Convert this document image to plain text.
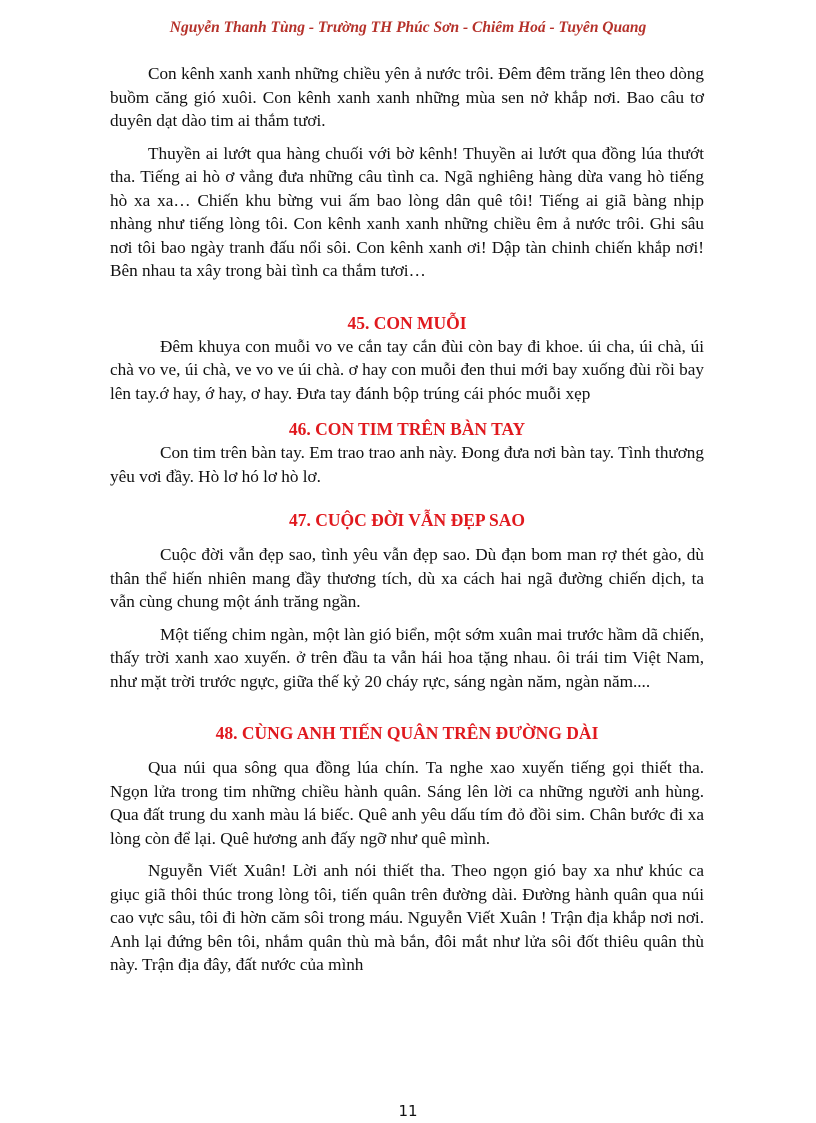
Nguyễn Thanh Tùng - Trường TH Phúc Sơn - Chiêm Hoá - Tuyên Quang

Con kênh xanh xanh những chiều yên ả nước trôi. Đêm đêm trăng lên theo dòng buồm căng gió xuôi. Con kênh xanh xanh những mùa sen nở khắp nơi. Bao câu tơ duyên dạt dào tim ai thắm tươi.

Thuyền ai lướt qua hàng chuối với bờ kênh! Thuyền ai lướt qua đồng lúa thướt tha. Tiếng ai hò ơ vẳng đưa những câu tình ca. Ngã nghiêng hàng dừa vang hò tiếng hò xa xa… Chiến khu bừng vui ấm bao lòng dân quê tôi! Tiếng ai giã bàng nhịp nhàng như tiếng lòng tôi. Con kênh xanh xanh những chiều êm ả nước trôi. Ghi sâu nơi tôi bao ngày tranh đấu nổi sôi. Con kênh xanh ơi! Dập tàn chinh chiến khắp nơi! Bên nhau ta xây trong bài tình ca thắm tươi…

45. CON MUỖI

Đêm khuya con muỗi vo ve cắn tay cắn đùi còn bay đi khoe. úi cha, úi chà, úi chà vo ve, úi chà, ve vo ve úi chà. ơ hay con muỗi đen thui mới bay xuống đùi rồi bay lên tay.ớ hay, ớ hay, ơ hay. Đưa tay đánh bộp trúng cái phóc muỗi xẹp

46. CON TIM TRÊN BÀN TAY

Con tim trên bàn tay. Em trao trao anh này. Đong đưa nơi bàn tay. Tình thương yêu vơi đầy. Hò lơ hó lơ hò lơ.

47. CUỘC ĐỜI VẪN ĐẸP SAO

Cuộc đời vẫn đẹp sao, tình yêu vẫn đẹp sao. Dù đạn bom man rợ thét gào, dù thân thể hiến nhiên mang đầy thương tích, dù xa cách hai ngã đường chiến dịch, ta vẫn cùng chung một ánh trăng ngần.

Một tiếng chim ngàn, một làn gió biển, một sớm xuân mai trước hầm dã chiến, thấy trời xanh xao xuyến. ở trên đầu ta vẫn hái hoa tặng nhau. ôi trái tim Việt Nam, như mặt trời trước ngực, giữa thế kỷ 20 cháy rực, sáng ngàn năm, ngàn năm....

48. CÙNG ANH TIẾN QUÂN TRÊN ĐƯỜNG DÀI

Qua núi qua sông qua đồng lúa chín. Ta nghe xao xuyến tiếng gọi thiết tha. Ngọn lửa trong tim những chiều hành quân. Sáng lên lời ca những người anh hùng. Qua đất trung du xanh màu lá biếc. Quê anh yêu dấu tím đỏ đồi sim. Chân bước đi xa lòng còn để lại. Quê hương anh đấy ngỡ như quê mình.

Nguyễn Viết Xuân! Lời anh nói thiết tha. Theo ngọn gió bay xa như khúc ca giục giã thôi thúc trong lòng tôi, tiến quân trên đường dài. Đường hành quân qua núi cao vực sâu, tôi đi hờn căm sôi trong máu. Nguyễn Viết Xuân ! Trận địa khắp nơi nơi. Anh lại đứng bên tôi, nhắm quân thù mà bắn, đôi mắt như lửa sôi đốt thiêu quân thù này. Trận địa đây, đất nước của mình

11
